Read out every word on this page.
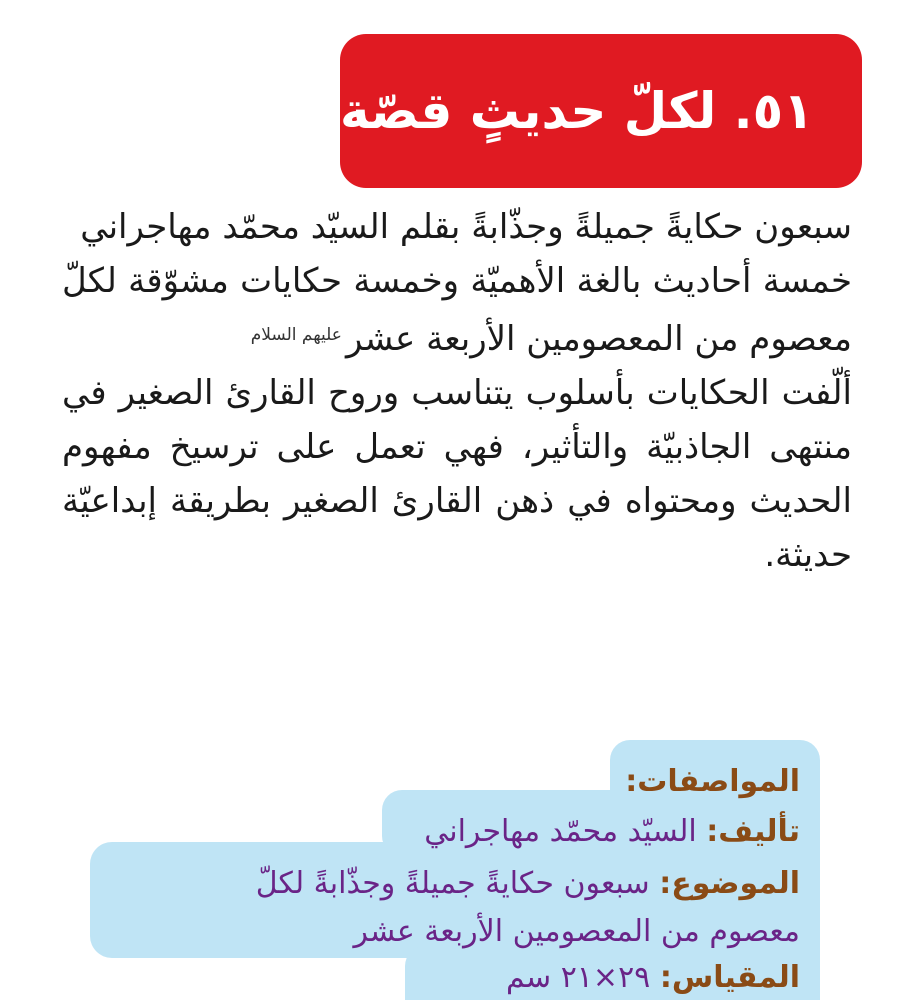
٥١. لكلّ حديثٍ قصّة

سبعون حكايةً جميلةً وجذّابةً بقلم السيّد محمّد مهاجراني

خمسة أحاديث بالغة الأهميّة وخمسة حكايات مشوّقة لكلّ معصوم من المعصومين الأربعة عشر$^{عليهم السلام}$

ألّفت الحكايات بأسلوب يتناسب وروح القارئ الصغير في منتهى الجاذبيّة والتأثير، فهي تعمل على ترسيخ مفهوم الحديث ومحتواه في ذهن القارئ الصغير بطريقة إبداعيّة حديثة.

المواصفات:
تأليف: السيّد محمّد مهاجراني
الموضوع: سبعون حكايةً جميلةً وجذّابةً لكلّ
معصوم من المعصومين الأربعة عشر
المقياس: ٢٩×٢١ سم
